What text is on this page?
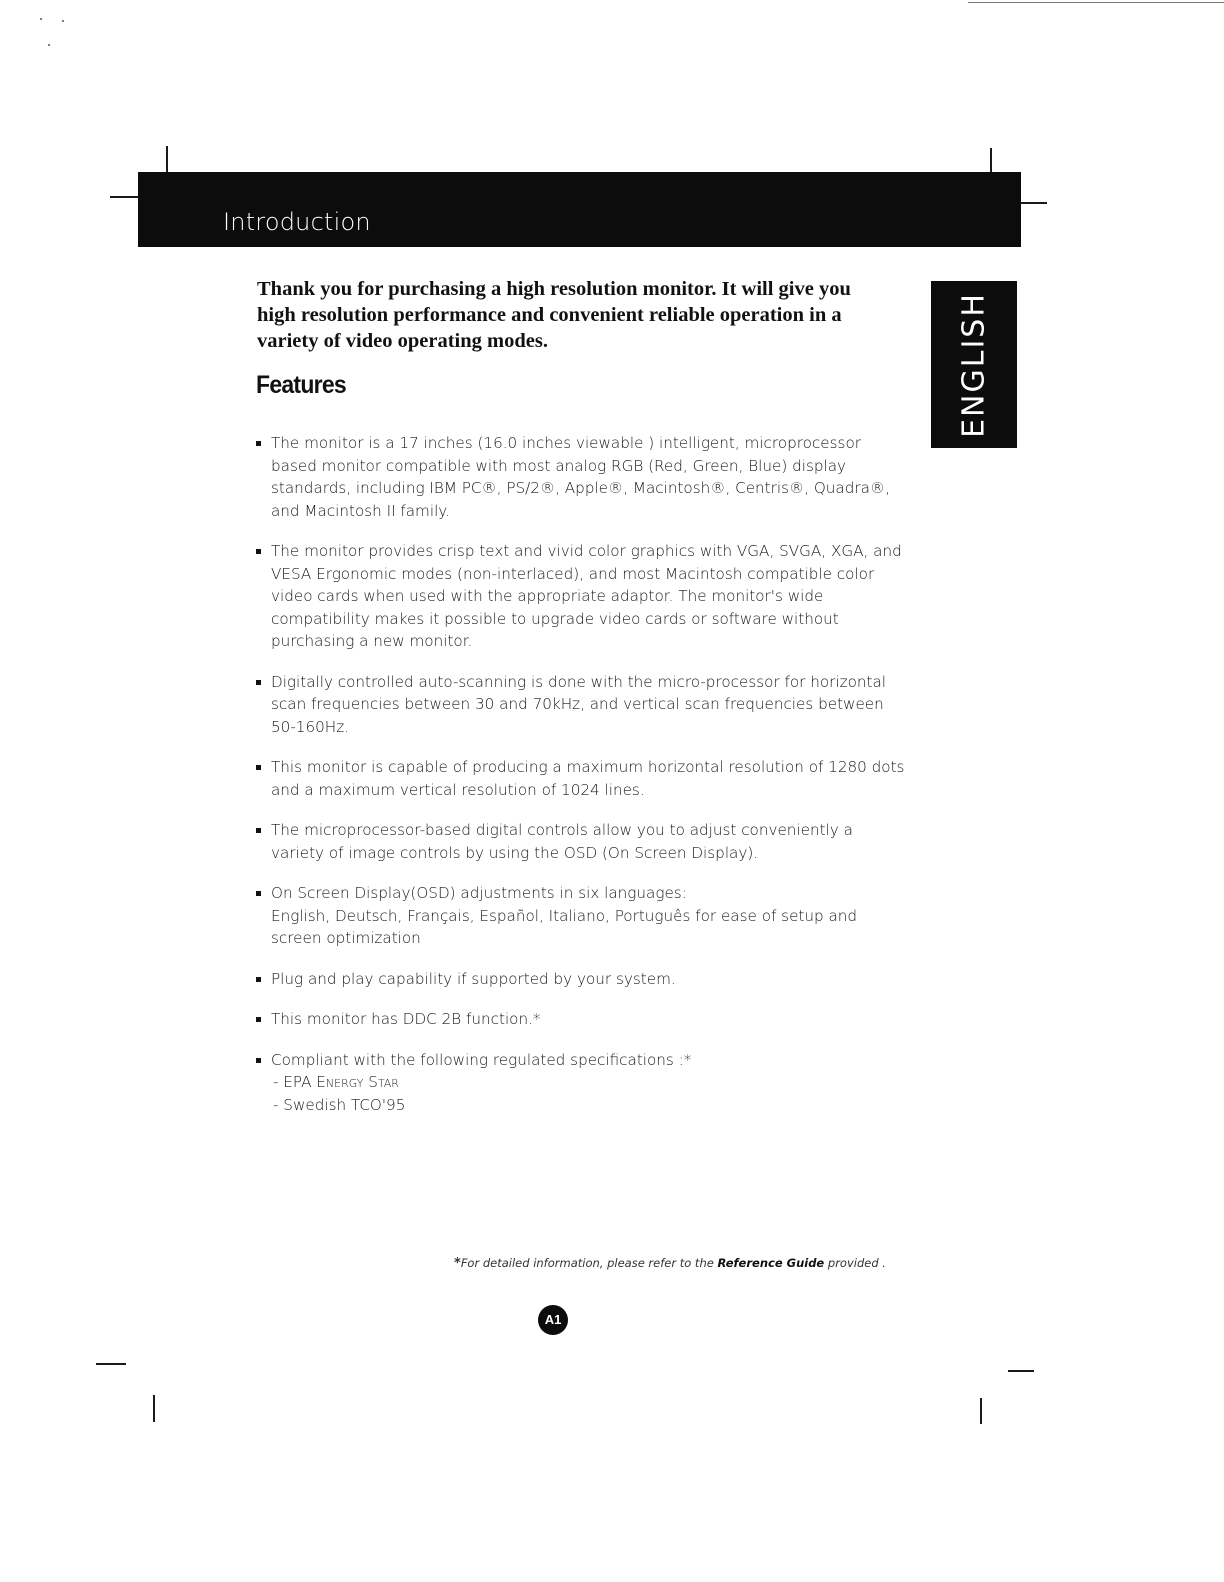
Introduction
ENGLISH

Thank you for purchasing a high resolution monitor. It will give you high resolution performance and convenient reliable operation in a variety of video operating modes.

Features
The monitor is a 17 inches (16.0 inches viewable ) intelligent, microprocessor based monitor compatible with most analog RGB (Red, Green, Blue) display standards, including IBM PC®, PS/2®, Apple®, Macintosh®, Centris®, Quadra®, and Macintosh II family.
The monitor provides crisp text and vivid color graphics with VGA, SVGA, XGA, and VESA Ergonomic modes (non-interlaced), and most Macintosh compatible color video cards when used with the appropriate adaptor. The monitor's wide compatibility makes it possible to upgrade video cards or software without purchasing a new monitor.
Digitally controlled auto-scanning is done with the micro-processor for horizontal scan frequencies between 30 and 70kHz, and vertical scan frequencies between 50-160Hz.
This monitor is capable of producing a maximum horizontal resolution of 1280 dots and a maximum vertical resolution of 1024 lines.
The microprocessor-based digital controls allow you to adjust conveniently a variety of image controls by using the OSD (On Screen Display).
On Screen Display(OSD) adjustments in six languages:
English, Deutsch, Français, Español, Italiano, Português for ease of setup and screen optimization
Plug and play capability if supported by your system.
This monitor has DDC 2B function.*
Compliant with the following regulated specifications :*
- EPA Energy Star
- Swedish TCO'95
*For detailed information, please refer to the Reference Guide provided .
A1
